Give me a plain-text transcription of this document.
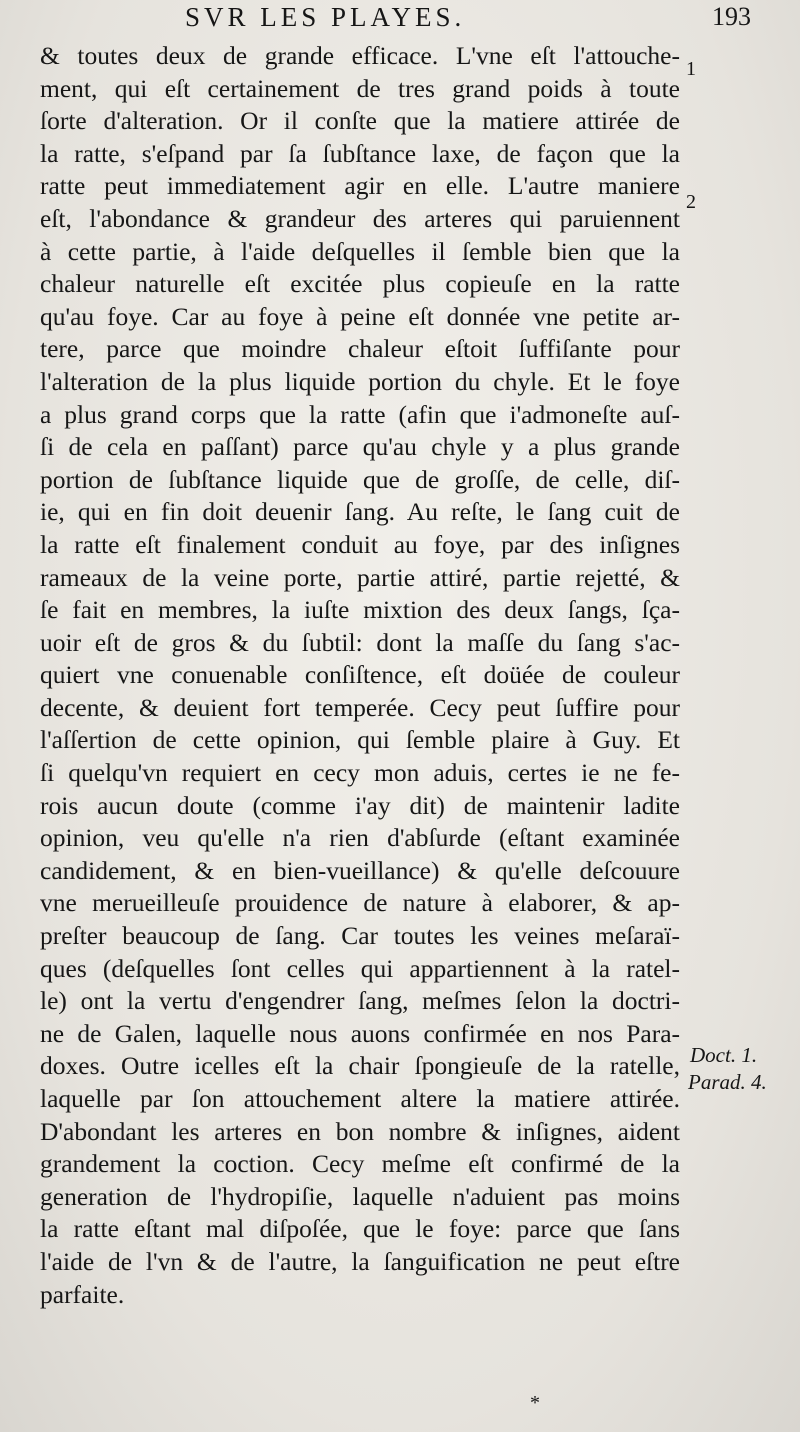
SVR LES PLAYES.	193
& toutes deux de grande efficace. L'vne eſt l'attouche-
ment, qui eſt certainement de tres grand poids à toute
ſorte d'alteration. Or il conſte que la matiere attirée de
la ratte, s'eſpand par ſa ſubſtance laxe, de façon que la
ratte peut immediatement agir en elle. L'autre maniere
eſt, l'abondance & grandeur des arteres qui paruiennent
à cette partie, à l'aide deſquelles il ſemble bien que la
chaleur naturelle eſt excitée plus copieuſe en la ratte
qu'au foye. Car au foye à peine eſt donnée vne petite ar-
tere, parce que moindre chaleur eſtoit ſuffiſante pour
l'alteration de la plus liquide portion du chyle. Et le foye
a plus grand corps que la ratte (afin que i'admoneſte auſ-
ſi de cela en paſſant) parce qu'au chyle y a plus grande
portion de ſubſtance liquide que de groſſe, de celle, diſ-
ie, qui en fin doit deuenir ſang. Au reſte, le ſang cuit de
la ratte eſt finalement conduit au foye, par des inſignes
rameaux de la veine porte, partie attiré, partie rejetté, &
ſe fait en membres, la iuſte mixtion des deux ſangs, ſça-
uoir eſt de gros & du ſubtil: dont la maſſe du ſang s'ac-
quiert vne conuenable conſiſtence, eſt doüée de couleur
decente, & deuient fort temperée. Cecy peut ſuffire pour
l'aſſertion de cette opinion, qui ſemble plaire à Guy. Et
ſi quelqu'vn requiert en cecy mon aduis, certes ie ne fe-
rois aucun doute (comme i'ay dit) de maintenir ladite
opinion, veu qu'elle n'a rien d'abſurde (eſtant examinée
candidement, & en bien-vueillance) & qu'elle deſcouure
vne merueilleuſe prouidence de nature à elaborer, & ap-
preſter beaucoup de ſang. Car toutes les veines meſaraï-
ques (deſquelles ſont celles qui appartiennent à la ratel-
le) ont la vertu d'engendrer ſang, meſmes ſelon la doctri-
ne de Galen, laquelle nous auons confirmée en nos Para-
doxes. Outre icelles eſt la chair ſpongieuſe de la ratelle,
laquelle par ſon attouchement altere la matiere attirée.
D'abondant les arteres en bon nombre & inſignes, aident
grandement la coction. Cecy meſme eſt confirmé de la
generation de l'hydropiſie, laquelle n'aduient pas moins
la ratte eſtant mal diſpoſée, que le foye: parce que ſans
l'aide de l'vn & de l'autre, la ſanguification ne peut eſtre
parfaite.
1
2
Doct. 1.
Parad. 4.
*
